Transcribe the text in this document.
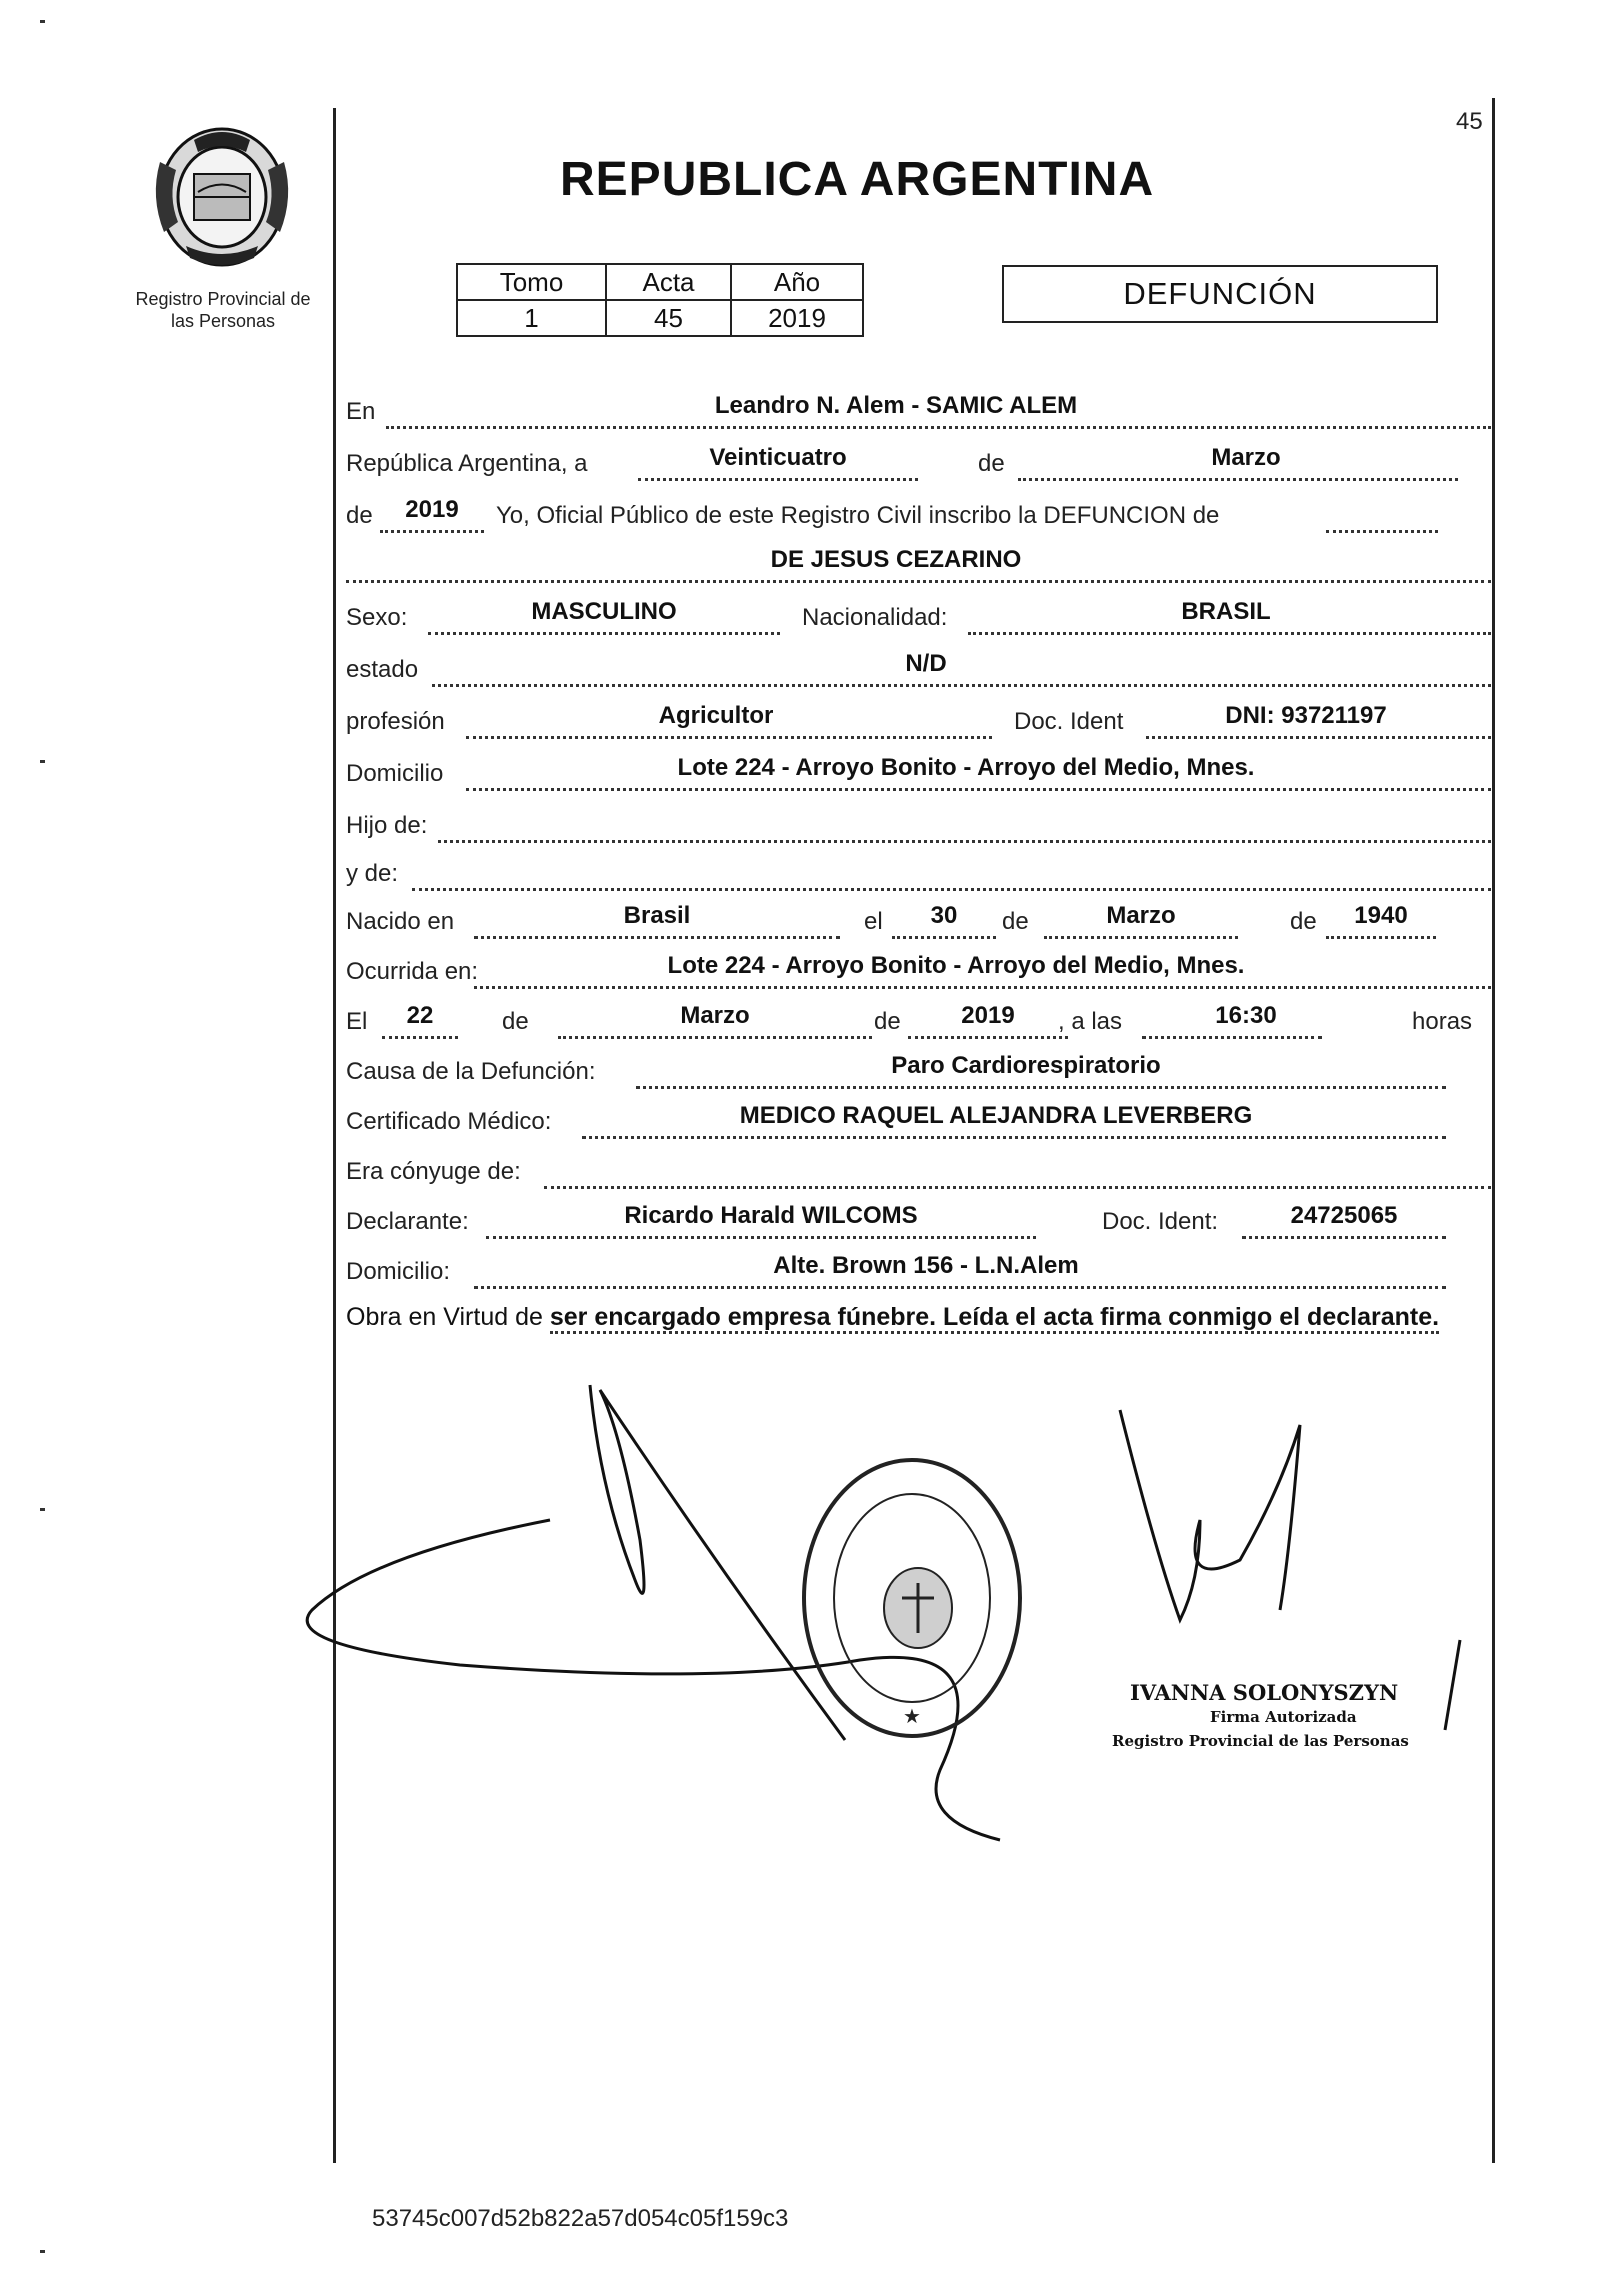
Registro Provincial de
las Personas
45
REPUBLICA ARGENTINA
Tomo	Acta	Año
1	45	2019
DEFUNCIÓN
En	Leandro N. Alem - SAMIC ALEM
República Argentina, a	Veinticuatro	de	Marzo
de	2019	Yo, Oficial Público de este Registro Civil inscribo la DEFUNCION de
DE JESUS CEZARINO
Sexo:	MASCULINO	Nacionalidad:	BRASIL
estado	N/D
profesión	Agricultor	Doc. Ident	DNI: 93721197
Domicilio	Lote 224 - Arroyo Bonito - Arroyo del Medio, Mnes.
Hijo de:
y de:
Nacido en	Brasil	el	30	de	Marzo	de	1940
Ocurrida en:	Lote 224 - Arroyo Bonito - Arroyo del Medio, Mnes.
El	22	de	Marzo	de	2019	, a las	16:30	horas
Causa de la Defunción:	Paro Cardiorespiratorio
Certificado Médico:	MEDICO RAQUEL ALEJANDRA LEVERBERG
Era cónyuge de:
Declarante:	Ricardo Harald WILCOMS	Doc. Ident:	24725065
Domicilio:	Alte. Brown 156 - L.N.Alem
Obra en Virtud de ser encargado empresa fúnebre. Leída el acta firma conmigo el declarante.
★
IVANNA SOLONYSZYN
Firma Autorizada
Registro Provincial de las Personas
53745c007d52b822a57d054c05f159c3
